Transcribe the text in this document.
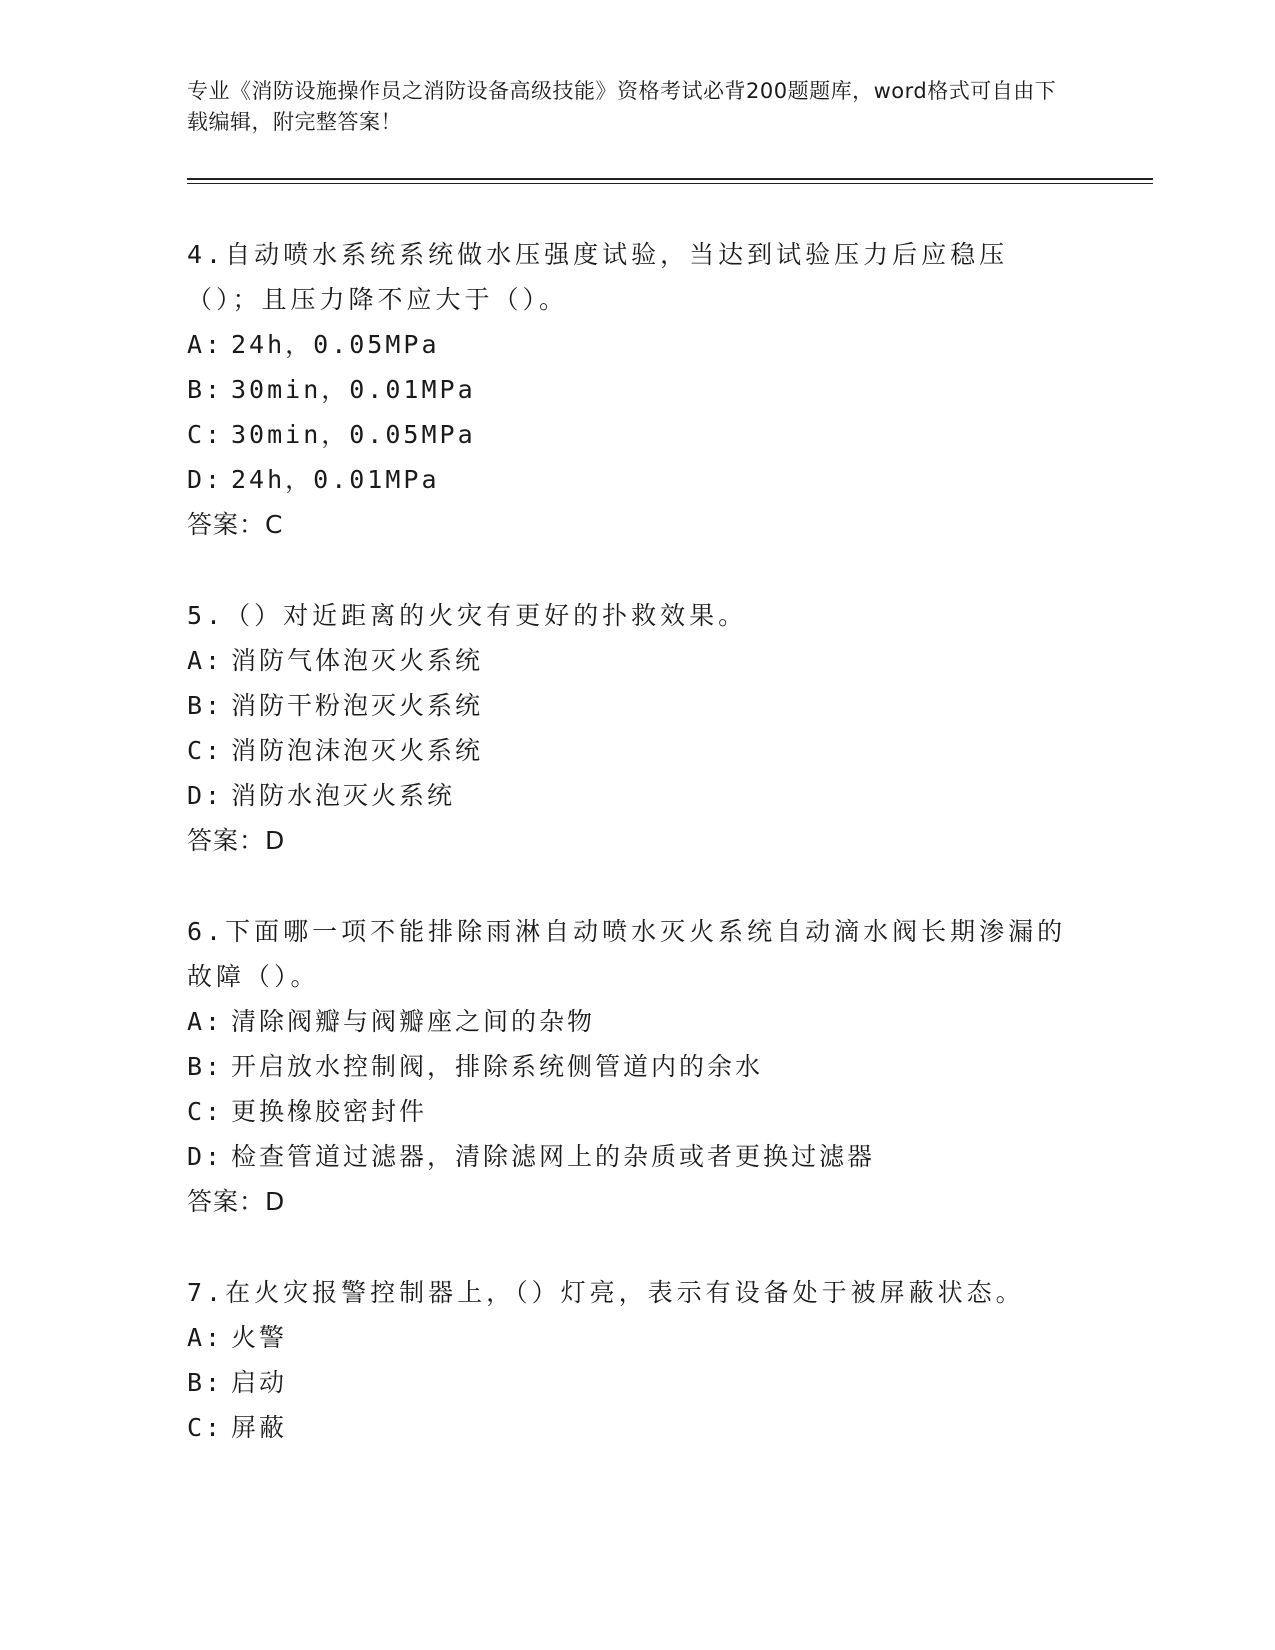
专业《消防设施操作员之消防设备高级技能》资格考试必背200题题库，word格式可自由下载编辑，附完整答案！

4.自动喷水系统系统做水压强度试验，当达到试验压力后应稳压（）；且压力降不应大于（）。

A: 24h，0.05MPa

B: 30min，0.01MPa

C: 30min，0.05MPa

D: 24h，0.01MPa

答案：C

5.（）对近距离的火灾有更好的扑救效果。

A: 消防气体泡灭火系统

B: 消防干粉泡灭火系统

C: 消防泡沫泡灭火系统

D: 消防水泡灭火系统

答案：D

6.下面哪一项不能排除雨淋自动喷水灭火系统自动滴水阀长期渗漏的故障（）。

A: 清除阀瓣与阀瓣座之间的杂物

B: 开启放水控制阀，排除系统侧管道内的余水

C: 更换橡胶密封件

D: 检查管道过滤器，清除滤网上的杂质或者更换过滤器

答案：D

7.在火灾报警控制器上，（）灯亮，表示有设备处于被屏蔽状态。

A: 火警

B: 启动

C: 屏蔽
